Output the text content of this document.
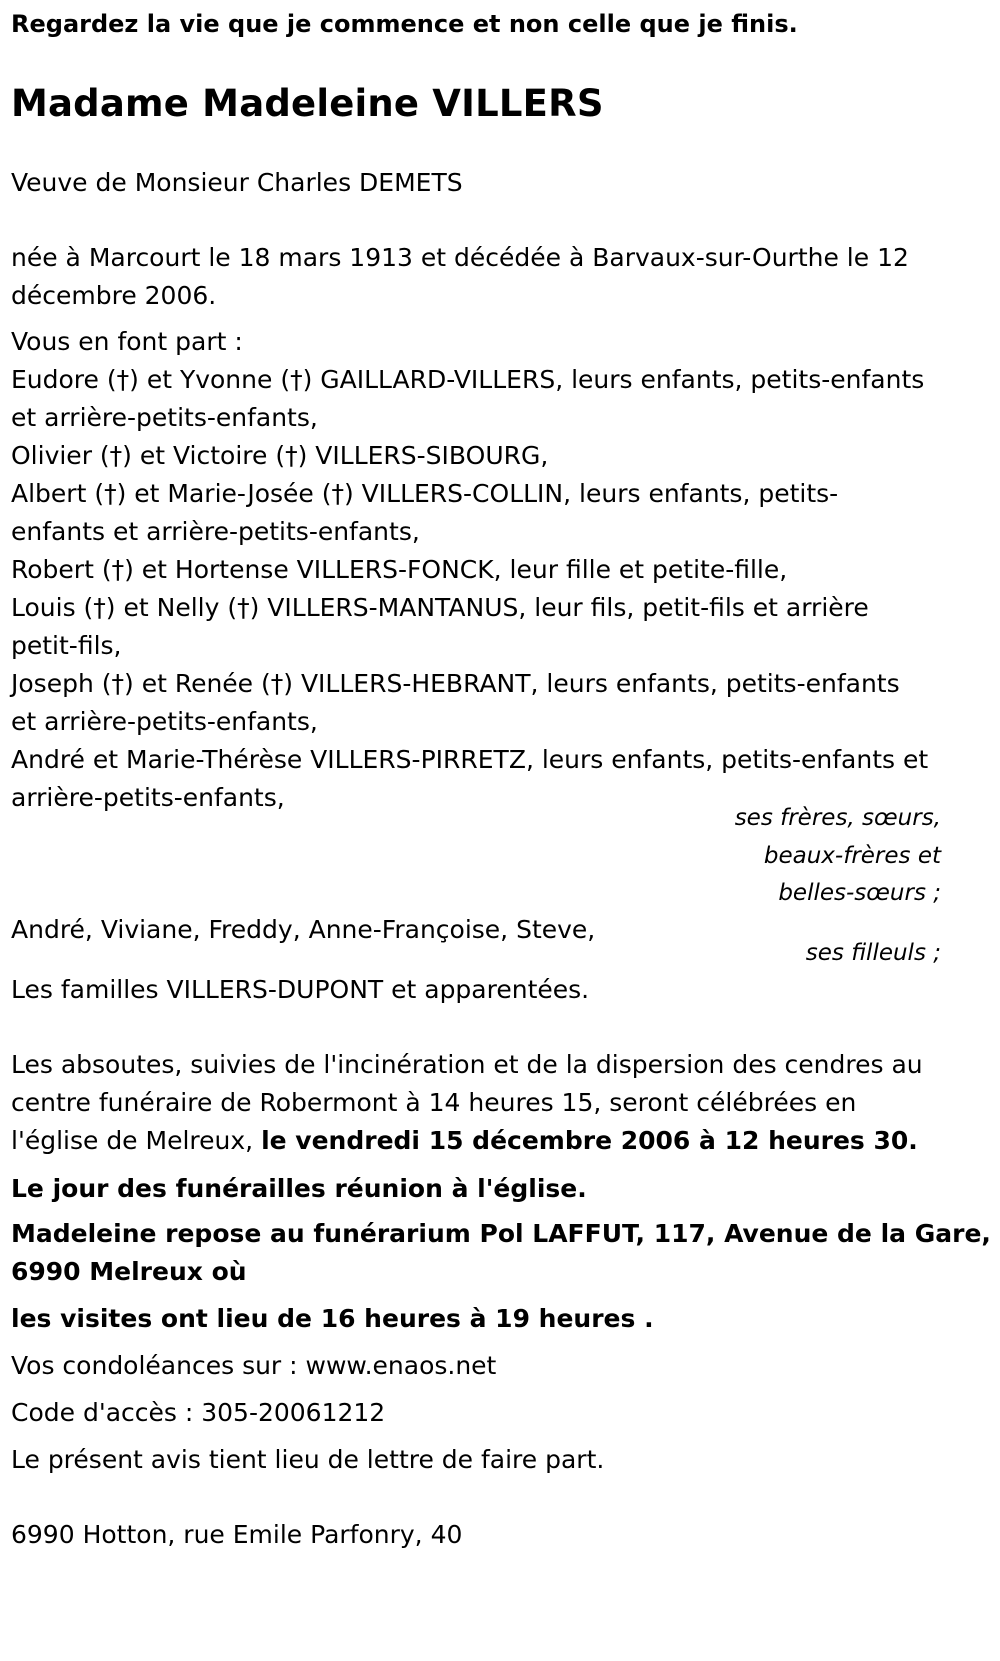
Regardez la vie que je commence et non celle que je finis.
Madame Madeleine VILLERS
Veuve de Monsieur Charles DEMETS
née à Marcourt le 18 mars 1913 et décédée à Barvaux-sur-Ourthe le 12
décembre 2006.
Vous en font part :
Eudore (†) et Yvonne (†) GAILLARD-VILLERS, leurs enfants, petits-enfants
et arrière-petits-enfants,
Olivier (†) et Victoire (†) VILLERS-SIBOURG,
Albert (†) et Marie-Josée (†) VILLERS-COLLIN, leurs enfants, petits-
enfants et arrière-petits-enfants,
Robert (†) et Hortense VILLERS-FONCK, leur fille et petite-fille,
Louis (†) et Nelly (†) VILLERS-MANTANUS, leur fils, petit-fils et arrière
petit-fils,
Joseph (†) et Renée (†) VILLERS-HEBRANT, leurs enfants, petits-enfants
et arrière-petits-enfants,
André et Marie-Thérèse VILLERS-PIRRETZ, leurs enfants, petits-enfants et
arrière-petits-enfants,
ses frères, sœurs,
beaux-frères et
belles-sœurs ;
André, Viviane, Freddy, Anne-Françoise, Steve,
ses filleuls ;
Les familles VILLERS-DUPONT et apparentées.
Les absoutes, suivies de l'incinération et de la dispersion des cendres au
centre funéraire de Robermont à 14 heures 15, seront célébrées en
l'église de Melreux, le vendredi 15 décembre 2006 à 12 heures 30.
Le jour des funérailles réunion à l'église.
Madeleine repose au funérarium Pol LAFFUT, 117, Avenue de la Gare,
6990 Melreux où
les visites ont lieu de 16 heures à 19 heures .
Vos condoléances sur : www.enaos.net
Code d'accès : 305-20061212
Le présent avis tient lieu de lettre de faire part.
6990 Hotton, rue Emile Parfonry, 40
